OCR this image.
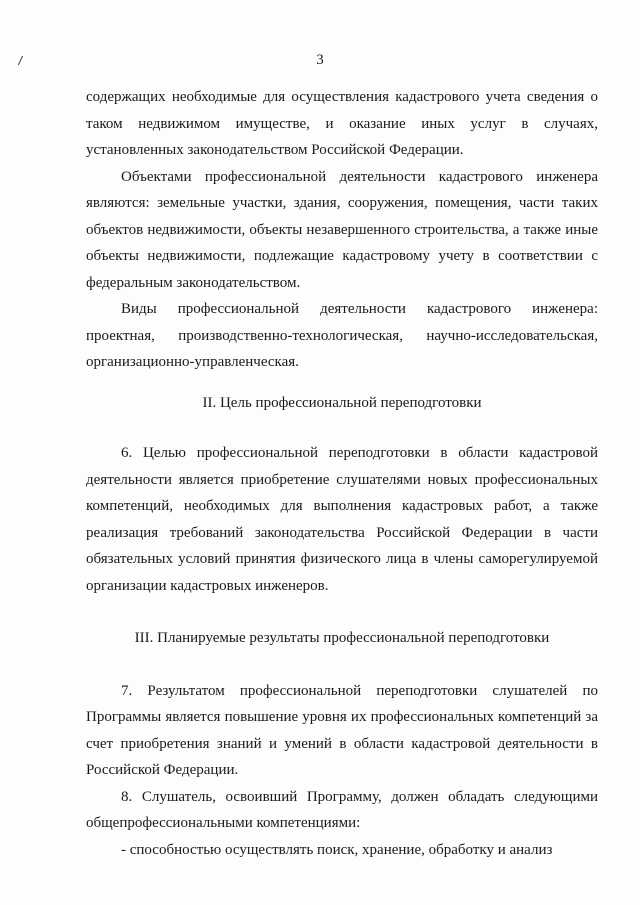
3

содержащих необходимые для осуществления кадастрового учета сведения о таком недвижимом имуществе, и оказание иных услуг в случаях, установленных законодательством Российской Федерации.

Объектами профессиональной деятельности кадастрового инженера являются: земельные участки, здания, сооружения, помещения, части таких объектов недвижимости, объекты незавершенного строительства, а также иные объекты недвижимости, подлежащие кадастровому учету в соответствии с федеральным законодательством.

Виды профессиональной деятельности кадастрового инженера: проектная, производственно-технологическая, научно-исследовательская, организационно-управленческая.

II. Цель профессиональной переподготовки

6. Целью профессиональной переподготовки в области кадастровой деятельности является приобретение слушателями новых профессиональных компетенций, необходимых для выполнения кадастровых работ, а также реализация требований законодательства Российской Федерации в части обязательных условий принятия физического лица в члены саморегулируемой организации кадастровых инженеров.

III. Планируемые результаты профессиональной переподготовки

7. Результатом профессиональной переподготовки слушателей по Программы является повышение уровня их профессиональных компетенций за счет приобретения знаний и умений в области кадастровой деятельности в Российской Федерации.

8. Слушатель, освоивший Программу, должен обладать следующими общепрофессиональными компетенциями:

- способностью осуществлять поиск, хранение, обработку и анализ
